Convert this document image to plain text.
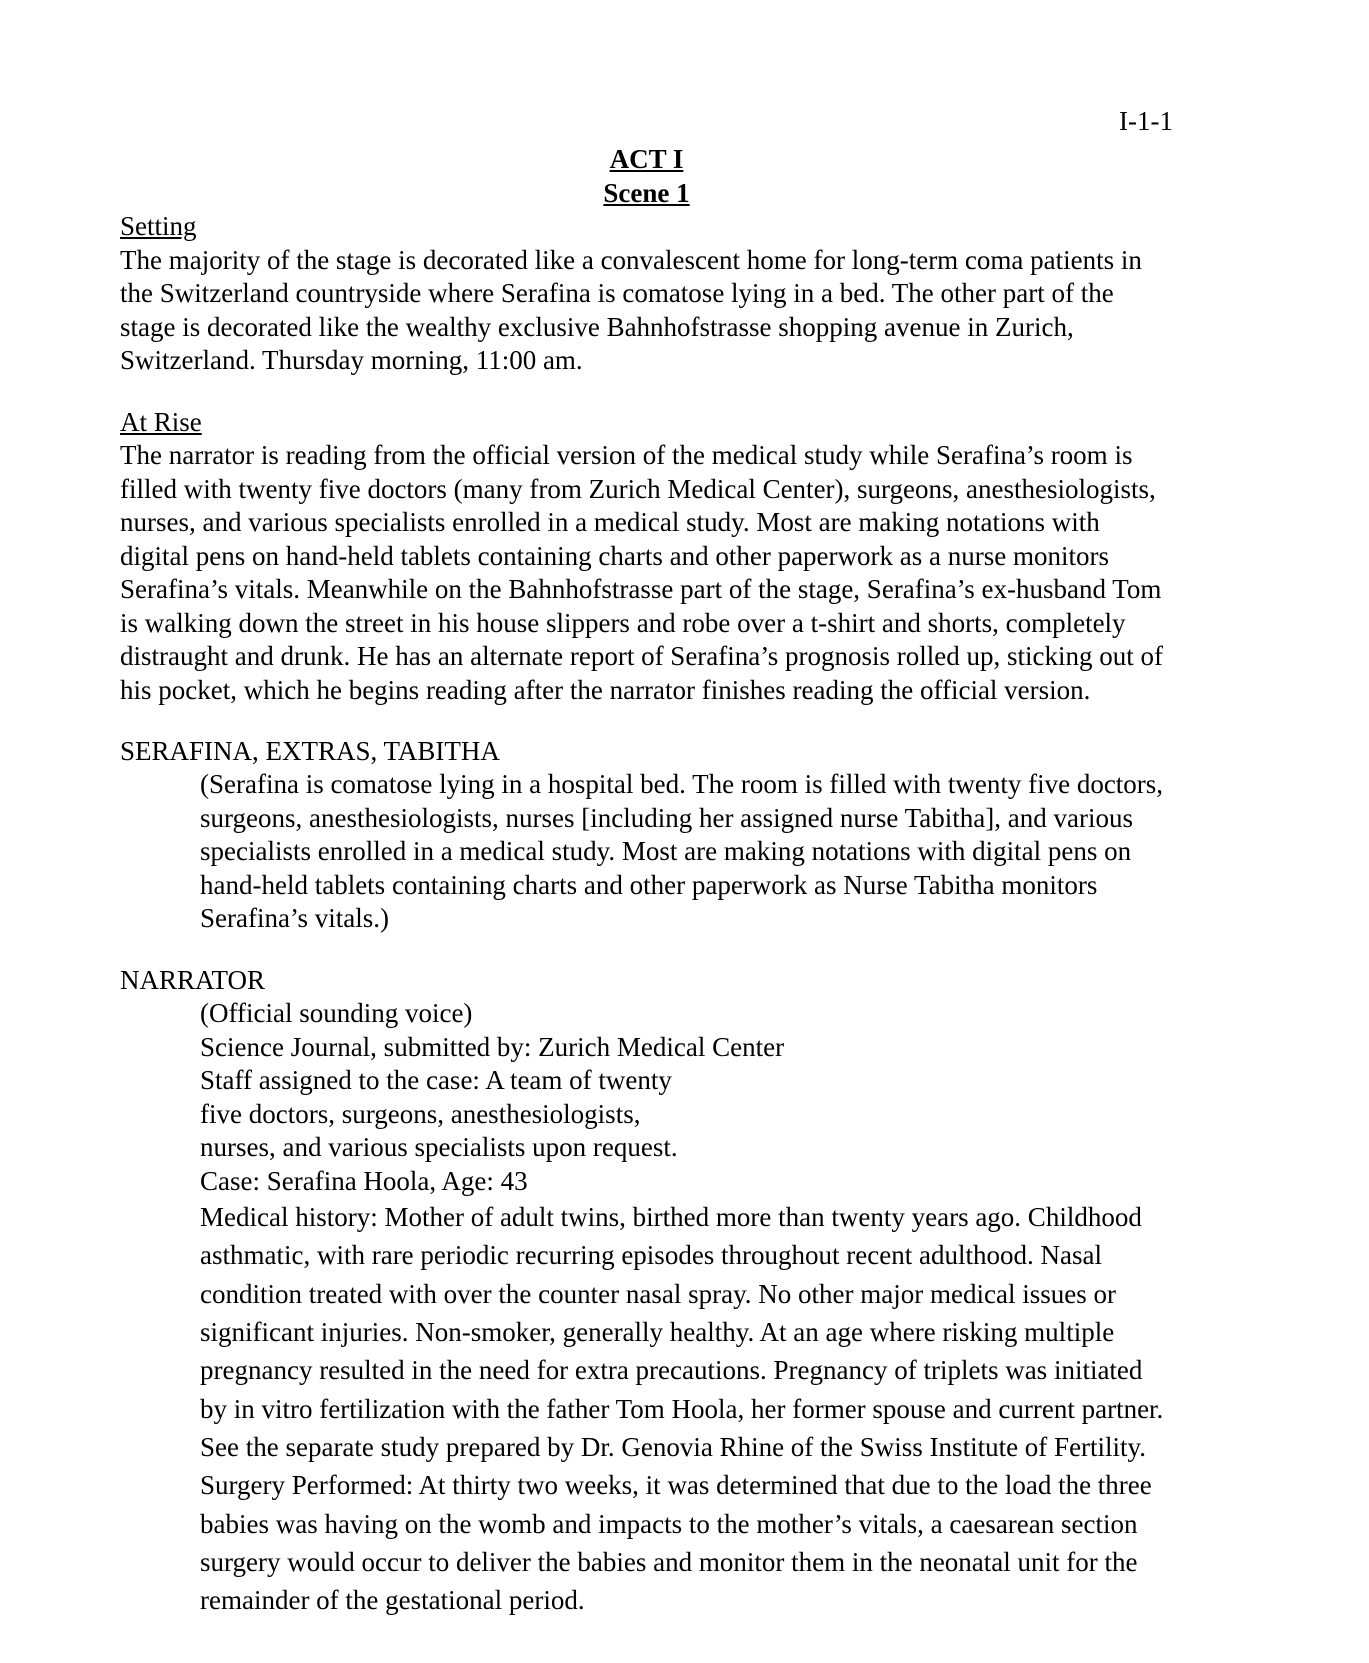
I-1-1
ACT I
Scene 1
Setting

The majority of the stage is decorated like a convalescent home for long-term coma patients in the Switzerland countryside where Serafina is comatose lying in a bed. The other part of the stage is decorated like the wealthy exclusive Bahnhofstrasse shopping avenue in Zurich, Switzerland. Thursday morning, 11:00 am.

At Rise

The narrator is reading from the official version of the medical study while Serafina’s room is filled with twenty five doctors (many from Zurich Medical Center), surgeons, anesthesiologists, nurses, and various specialists enrolled in a medical study. Most are making notations with digital pens on hand-held tablets containing charts and other paperwork as a nurse monitors Serafina’s vitals. Meanwhile on the Bahnhofstrasse part of the stage, Serafina’s ex-husband Tom is walking down the street in his house slippers and robe over a t-shirt and shorts, completely distraught and drunk. He has an alternate report of Serafina’s prognosis rolled up, sticking out of his pocket, which he begins reading after the narrator finishes reading the official version.

SERAFINA, EXTRAS, TABITHA

(Serafina is comatose lying in a hospital bed. The room is filled with twenty five doctors, surgeons, anesthesiologists, nurses [including her assigned nurse Tabitha], and various specialists enrolled in a medical study. Most are making notations with digital pens on hand-held tablets containing charts and other paperwork as Nurse Tabitha monitors Serafina’s vitals.)

NARRATOR
(Official sounding voice)
Science Journal, submitted by: Zurich Medical Center
Staff assigned to the case: A team of twenty
five doctors, surgeons, anesthesiologists,
nurses, and various specialists upon request.
Case: Serafina Hoola, Age: 43

Medical history: Mother of adult twins, birthed more than twenty years ago. Childhood asthmatic, with rare periodic recurring episodes throughout recent adulthood. Nasal condition treated with over the counter nasal spray. No other major medical issues or significant injuries. Non-smoker, generally healthy. At an age where risking multiple pregnancy resulted in the need for extra precautions. Pregnancy of triplets was initiated by in vitro fertilization with the father Tom Hoola, her former spouse and current partner. See the separate study prepared by Dr. Genovia Rhine of the Swiss Institute of Fertility. Surgery Performed: At thirty two weeks, it was determined that due to the load the three babies was having on the womb and impacts to the mother’s vitals, a caesarean section surgery would occur to deliver the babies and monitor them in the neonatal unit for the remainder of the gestational period.
